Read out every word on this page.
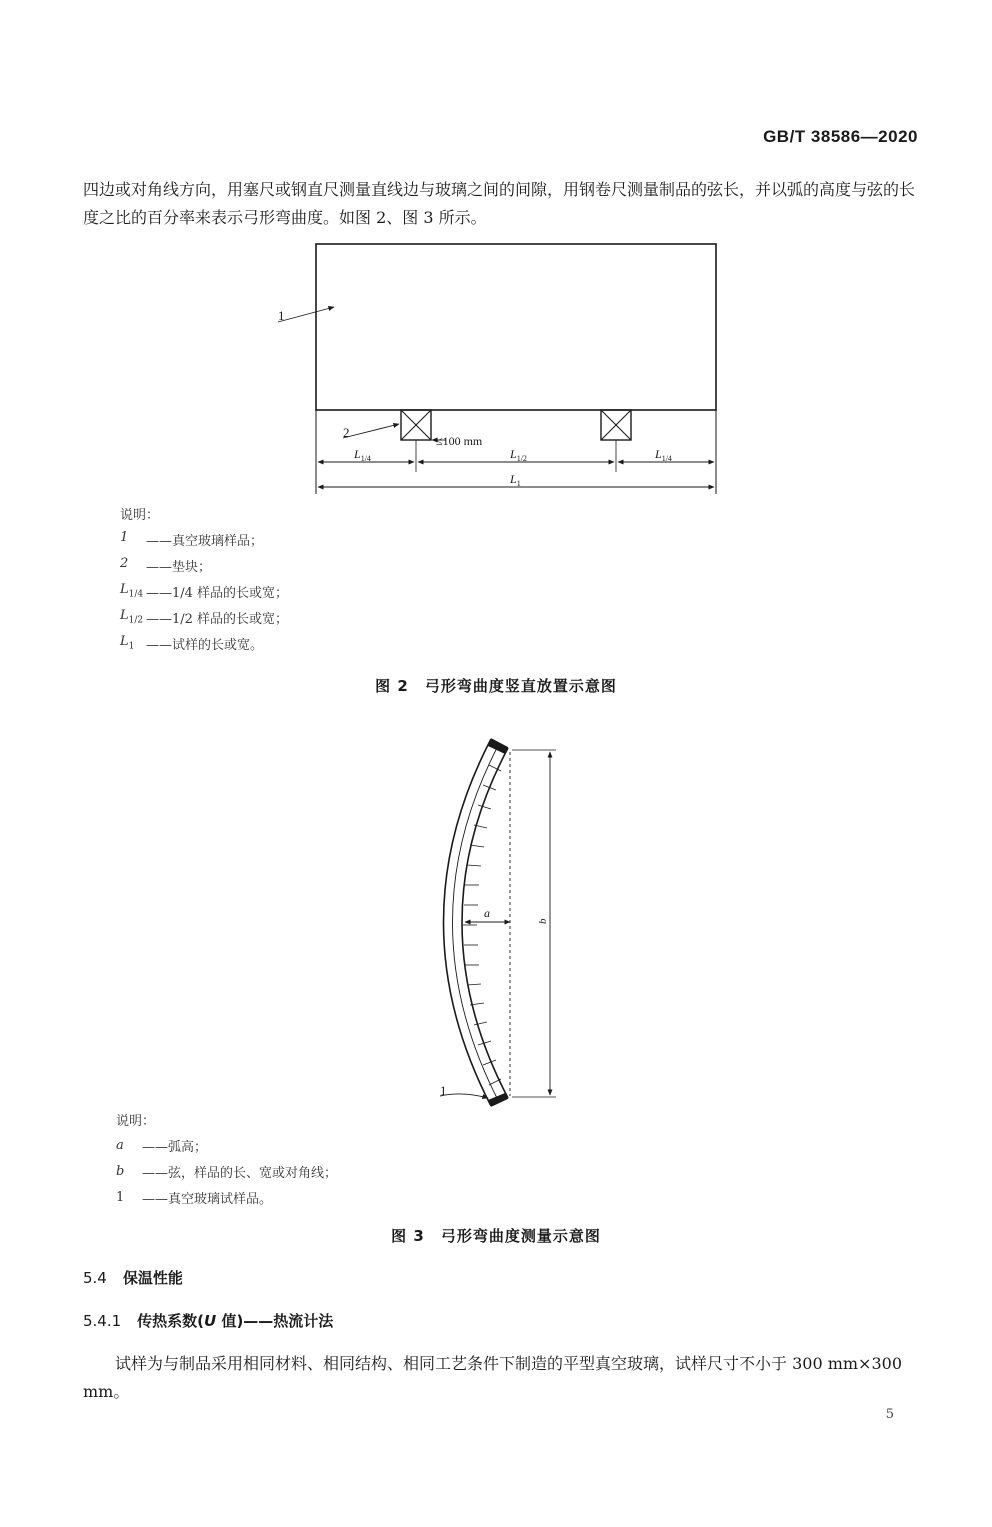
GB/T 38586—2020
四边或对角线方向，用塞尺或钢直尺测量直线边与玻璃之间的间隙，用钢卷尺测量制品的弦长，并以弧的高度与弦的长度之比的百分率来表示弓形弯曲度。如图 2、图 3 所示。
≤100 mm
$L_{1/4}$	$L_{1/2}$	$L_{1/4}$
$L_1$
1
2
说明：
1	——真空玻璃样品；
2	——垫块；
$L_{1/4}$ ——1/4 样品的长或宽；
$L_{1/2}$ ——1/2 样品的长或宽；
$L_1$ ——试样的长或宽。
图 2　弓形弯曲度竖直放置示意图
a
b
1
说明：
a	——弧高；
b	——弦，样品的长、宽或对角线；
1	——真空玻璃试样品。
图 3　弓形弯曲度测量示意图
5.4 保温性能
5.4.1 传热系数(U 值)——热流计法
试样为与制品采用相同材料、相同结构、相同工艺条件下制造的平型真空玻璃，试样尺寸不小于 300 mm×300 mm。
5
